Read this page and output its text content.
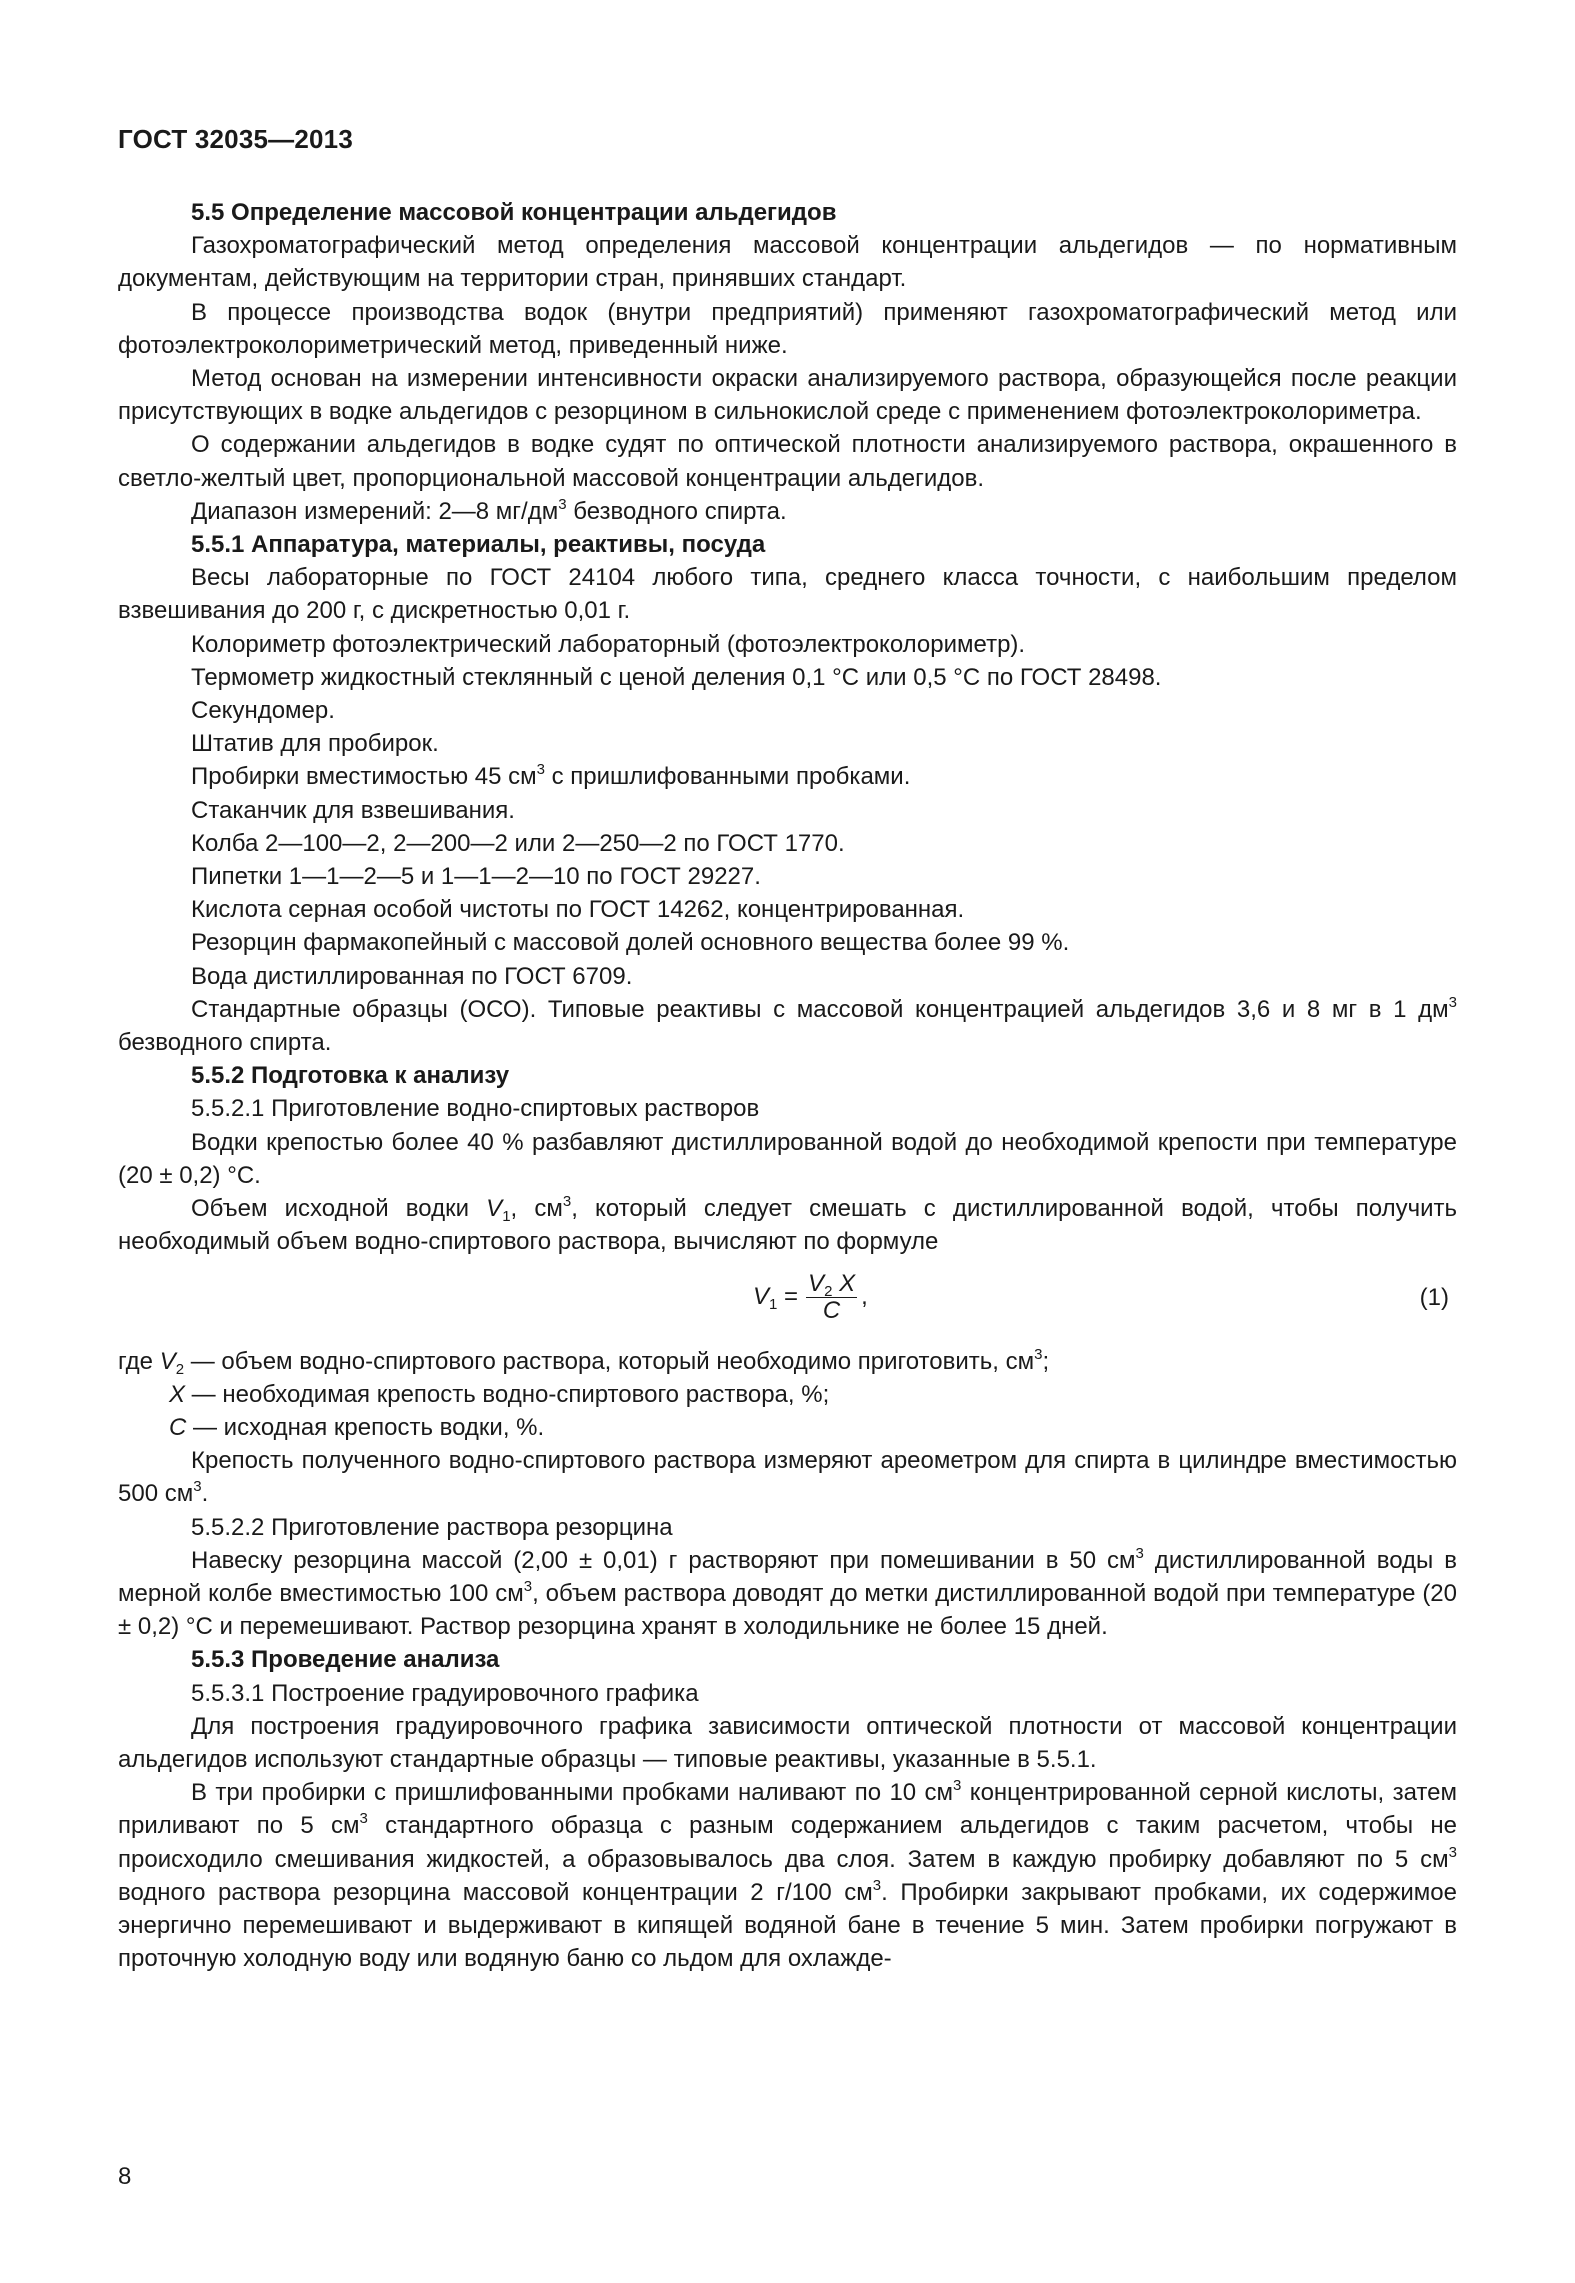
ГОСТ 32035—2013

5.5 Определение массовой концентрации альдегидов

Газохроматографический метод определения массовой концентрации альдегидов — по нормативным документам, действующим на территории стран, принявших стандарт.

В процессе производства водок (внутри предприятий) применяют газохроматографический метод или фотоэлектроколориметрический метод, приведенный ниже.

Метод основан на измерении интенсивности окраски анализируемого раствора, образующейся после реакции присутствующих в водке альдегидов с резорцином в сильнокислой среде с применением фотоэлектроколориметра.

О содержании альдегидов в водке судят по оптической плотности анализируемого раствора, окрашенного в светло-желтый цвет, пропорциональной массовой концентрации альдегидов.

Диапазон измерений: 2—8 $мг/дм^3$ безводного спирта.

5.5.1 Аппаратура, материалы, реактивы, посуда

Весы лабораторные по ГОСТ 24104 любого типа, среднего класса точности, с наибольшим пределом взвешивания до 200 г, с дискретностью 0,01 г.

Колориметр фотоэлектрический лабораторный (фотоэлектроколориметр).

Термометр жидкостный стеклянный с ценой деления 0,1 °С или 0,5 °С по ГОСТ 28498.

Секундомер.

Штатив для пробирок.

Пробирки вместимостью 45 $см^3$ с пришлифованными пробками.

Стаканчик для взвешивания.

Колба 2—100—2, 2—200—2 или 2—250—2 по ГОСТ 1770.

Пипетки 1—1—2—5 и 1—1—2—10 по ГОСТ 29227.

Кислота серная особой чистоты по ГОСТ 14262, концентрированная.

Резорцин фармакопейный с массовой долей основного вещества более 99 %.

Вода дистиллированная по ГОСТ 6709.

Стандартные образцы (ОСО). Типовые реактивы с массовой концентрацией альдегидов 3,6 и 8 мг в 1 $дм^3$ безводного спирта.

5.5.2 Подготовка к анализу

5.5.2.1 Приготовление водно-спиртовых растворов

Водки крепостью более 40 % разбавляют дистиллированной водой до необходимой крепости при температуре (20 ± 0,2) °С.

Объем исходной водки $V_1$, $см^3$, который следует смешать с дистиллированной водой, чтобы получить необходимый объем водно-спиртового раствора, вычисляют по формуле

$V_1 = \frac{V_2 X}{C}$ ,	(1)

где $V_2$ — объем водно-спиртового раствора, который необходимо приготовить, $см^3$;

X — необходимая крепость водно-спиртового раствора, %;

C — исходная крепость водки, %.

Крепость полученного водно-спиртового раствора измеряют ареометром для спирта в цилиндре вместимостью 500 $см^3$.

5.5.2.2 Приготовление раствора резорцина

Навеску резорцина массой (2,00 ± 0,01) г растворяют при помешивании в 50 $см^3$ дистиллированной воды в мерной колбе вместимостью 100 $см^3$, объем раствора доводят до метки дистиллированной водой при температуре (20 ± 0,2) °С и перемешивают. Раствор резорцина хранят в холодильнике не более 15 дней.

5.5.3 Проведение анализа

5.5.3.1 Построение градуировочного графика

Для построения градуировочного графика зависимости оптической плотности от массовой концентрации альдегидов используют стандартные образцы — типовые реактивы, указанные в 5.5.1.

В три пробирки с пришлифованными пробками наливают по 10 $см^3$ концентрированной серной кислоты, затем приливают по 5 $см^3$ стандартного образца с разным содержанием альдегидов с таким расчетом, чтобы не происходило смешивания жидкостей, а образовывалось два слоя. Затем в каждую пробирку добавляют по 5 $см^3$ водного раствора резорцина массовой концентрации 2 г/100 $см^3$. Пробирки закрывают пробками, их содержимое энергично перемешивают и выдерживают в кипящей водяной бане в течение 5 мин. Затем пробирки погружают в проточную холодную воду или водяную баню со льдом для охлажде-

8
